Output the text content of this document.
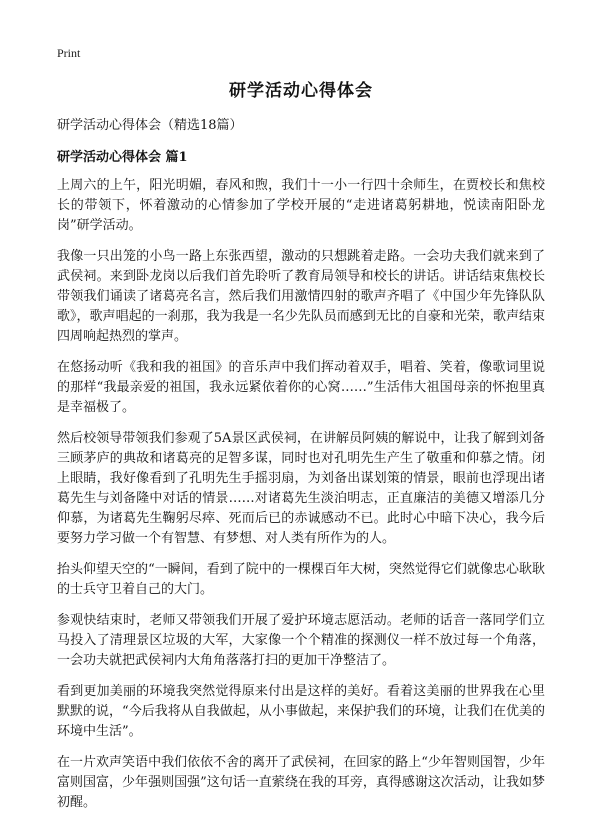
Print
研学活动心得体会

研学活动心得体会（精选18篇）

研学活动心得体会 篇1

上周六的上午，阳光明媚，春风和煦，我们十一小一行四十余师生，在贾校长和焦校长的带领下，怀着激动的心情参加了学校开展的“走进诸葛躬耕地，悦读南阳卧龙岗”研学活动。

我像一只出笼的小鸟一路上东张西望，激动的只想跳着走路。一会功夫我们就来到了武侯祠。来到卧龙岗以后我们首先聆听了教育局领导和校长的讲话。讲话结束焦校长带领我们诵读了诸葛亮名言，然后我们用激情四射的歌声齐唱了《中国少年先锋队队歌》，歌声唱起的一刹那，我为我是一名少先队员而感到无比的自豪和光荣，歌声结束四周响起热烈的掌声。

在悠扬动听《我和我的祖国》的音乐声中我们挥动着双手，唱着、笑着，像歌词里说的那样“我最亲爱的祖国，我永远紧依着你的心窝……”生活伟大祖国母亲的怀抱里真是幸福极了。

然后校领导带领我们参观了5A景区武侯祠，在讲解员阿姨的解说中，让我了解到刘备三顾茅庐的典故和诸葛亮的足智多谋，同时也对孔明先生产生了敬重和仰慕之情。闭上眼睛，我好像看到了孔明先生手摇羽扇，为刘备出谋划策的情景，眼前也浮现出诸葛先生与刘备隆中对话的情景……对诸葛先生淡泊明志，正直廉洁的美德又增添几分仰慕，为诸葛先生鞠躬尽瘁、死而后已的赤诚感动不已。此时心中暗下决心，我今后要努力学习做一个有智慧、有梦想、对人类有所作为的人。

抬头仰望天空的“一瞬间，看到了院中的一棵棵百年大树，突然觉得它们就像忠心耿耿的士兵守卫着自己的大门。

参观快结束时，老师又带领我们开展了爱护环境志愿活动。老师的话音一落同学们立马投入了清理景区垃圾的大军，大家像一个个精准的探测仪一样不放过每一个角落，一会功夫就把武侯祠内大角角落落打扫的更加干净整洁了。

看到更加美丽的环境我突然觉得原来付出是这样的美好。看着这美丽的世界我在心里默默的说，“今后我将从自我做起，从小事做起，来保护我们的环境，让我们在优美的环境中生活”。

在一片欢声笑语中我们依依不舍的离开了武侯祠，在回家的路上“少年智则国智，少年富则国富，少年强则国强”这句话一直萦绕在我的耳旁，真得感谢这次活动，让我如梦初醒。
